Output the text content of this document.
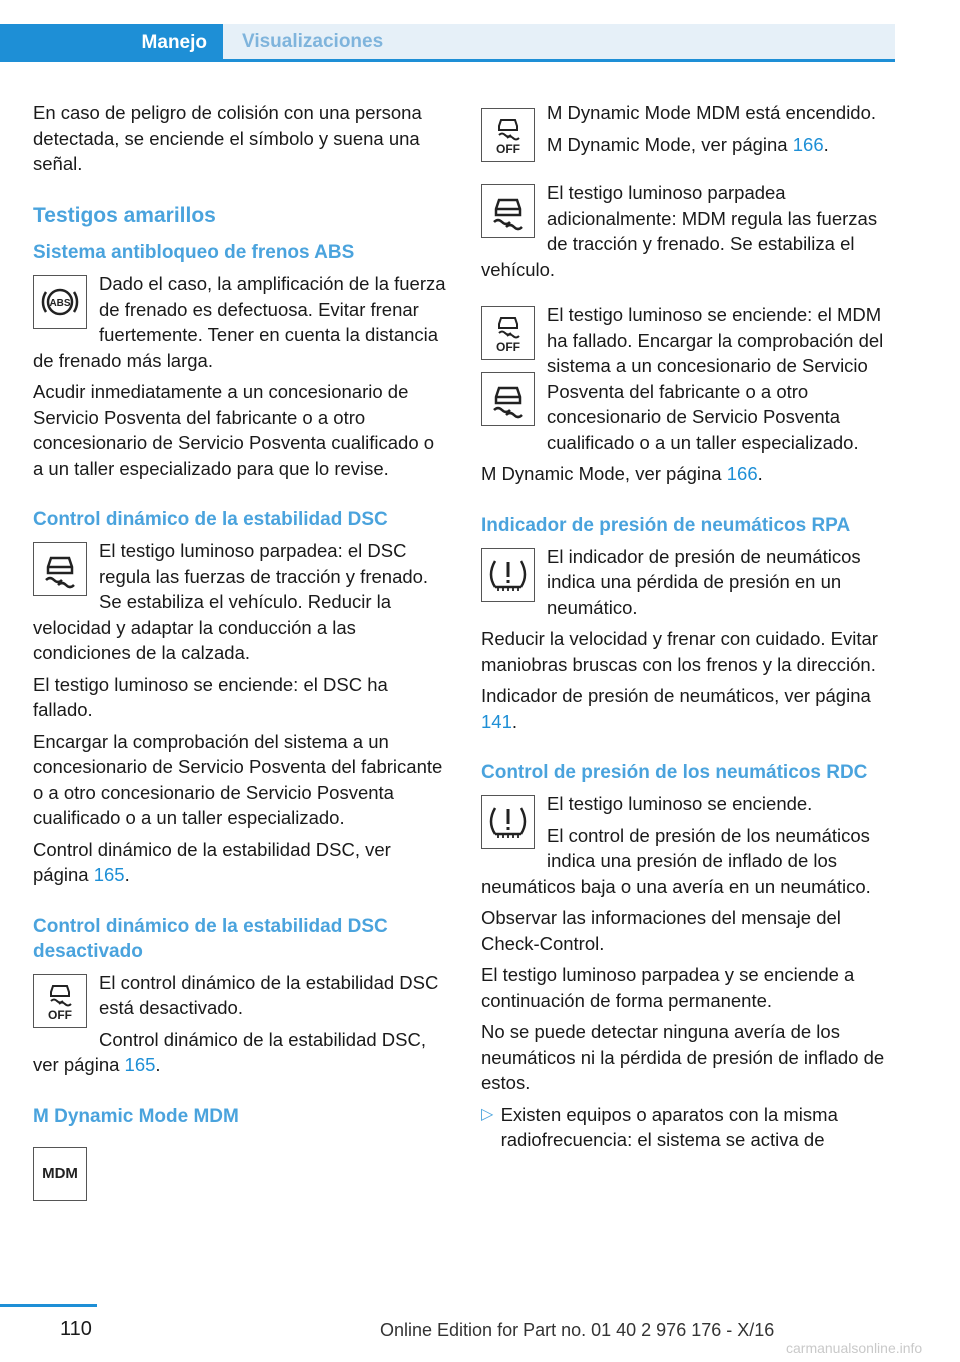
Manejo	Visualizaciones

En caso de peligro de colisión con una persona detectada, se enciende el símbolo y suena una señal.

Testigos amarillos
Sistema antibloqueo de frenos ABS
ABS

Dado el caso, la amplificación de la fuerza de frenado es defectuosa. Evitar frenar fuertemente. Tener en cuenta la distancia de frenado más larga.

Acudir inmediatamente a un concesionario de Servicio Posventa del fabricante o a otro concesionario de Servicio Posventa cualificado o a un taller especializado para que lo revise.

Control dinámico de la estabilidad DSC

El testigo luminoso parpadea: el DSC regula las fuerzas de tracción y frenado. Se estabiliza el vehículo. Reducir la velocidad y adaptar la conducción a las condiciones de la calzada.

El testigo luminoso se enciende: el DSC ha fallado.

Encargar la comprobación del sistema a un concesionario de Servicio Posventa del fabricante o a otro concesionario de Servicio Posventa cualificado o a un taller especializado.

Control dinámico de la estabilidad DSC, ver página 165.

Control dinámico de la estabilidad DSC desactivado
OFF

El control dinámico de la estabilidad DSC está desactivado.

Control dinámico de la estabilidad DSC, ver página 165.

M Dynamic Mode MDM
MDM
OFF

M Dynamic Mode MDM está encendido.

M Dynamic Mode, ver página 166.

El testigo luminoso parpadea adicionalmente: MDM regula las fuerzas de tracción y frenado. Se estabiliza el vehículo.

OFF

El testigo luminoso se enciende: el MDM ha fallado. Encargar la comprobación del sistema a un concesionario de Servicio Posventa del fabricante o a otro concesionario de Servicio Posventa cualificado o a un taller especializado.

M Dynamic Mode, ver página 166.

Indicador de presión de neumáticos RPA

El indicador de presión de neumáticos indica una pérdida de presión en un neumático.

Reducir la velocidad y frenar con cuidado. Evitar maniobras bruscas con los frenos y la dirección.

Indicador de presión de neumáticos, ver página 141.

Control de presión de los neumáticos RDC

El testigo luminoso se enciende.

El control de presión de los neumáticos indica una presión de inflado de los neumáticos baja o una avería en un neumático.

Observar las informaciones del mensaje del Check-Control.

El testigo luminoso parpadea y se enciende a continuación de forma permanente.

No se puede detectar ninguna avería de los neumáticos ni la pérdida de presión de inflado de estos.

▷ Existen equipos o aparatos con la misma radiofrecuencia: el sistema se activa de
110	Online Edition for Part no. 01 40 2 976 176 - X/16
carmanualsonline.info
